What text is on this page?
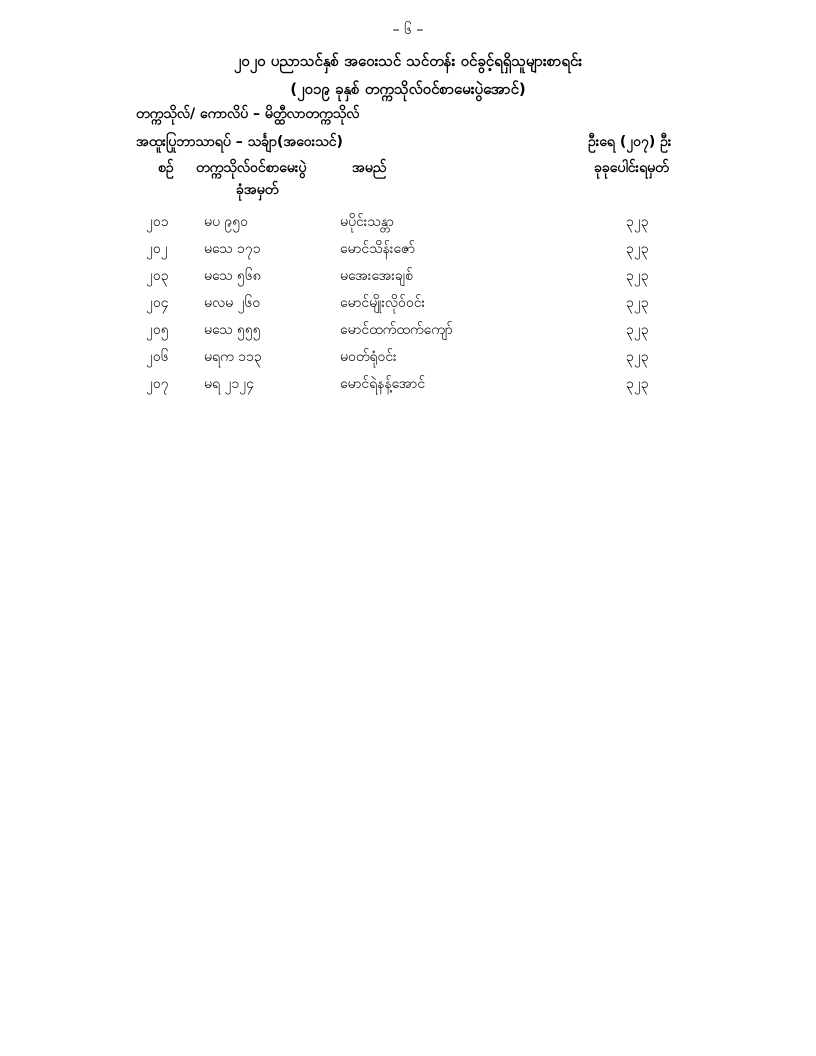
– ၆ –
၂၀၂၀ ပညာသင်နှစ် အဝေးသင် သင်တန်း ဝင်ခွင့်ရရှိသူများစာရင်း
(၂၀၁၉ ခုနှစ် တက္ကသိုလ်ဝင်စာမေးပွဲအောင်)
တက္ကသိုလ်/ ကောလိပ် – မိတ္ထီလာတက္ကသိုလ်
အထူးပြုဘာသာရပ် – သင်္ချာ(အဝေးသင်)	ဦးရေ (၂၀၇) ဦး
စဉ် တက္ကသိုလ်ဝင်စာမေးပွဲ
ခုံအမှတ်
အမည်	ခုခုပေါင်းရမှတ်
၂၀၁	မပ ၉၅၀	မပိုင်းသန္တာ	၃၂၃
၂၀၂	မသေ ၁၇၁	မောင်သိန်းဇော်	၃၂၃
၂၀၃	မသေ ၅၆၈	မအေးအေးချစ်	၃၂၃
၂၀၄	မလမ ၂၆၀	မောင်မျိုးလိုဝ်ဝင်း	၃၂၃
၂၀၅	မသေ ၅၅၅	မောင်ထက်ထက်ကျော်	၃၂၃
၂၀၆	မရက ၁၁၃	မဝတ်ရုံဝင်း	၃၂၃
၂၀၇	မရ ၂၁၂၄	မောင်ရဲနန့်အောင်	၃၂၃
